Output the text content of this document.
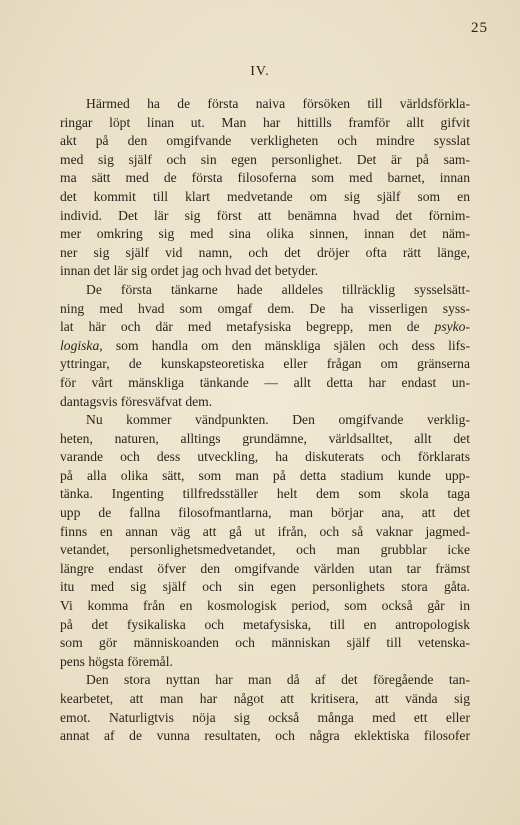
25
IV.
Härmed ha de första naiva försöken till världsförkla-
ringar löpt linan ut. Man har hittills framför allt gifvit
akt på den omgifvande verkligheten och mindre sysslat
med sig själf och sin egen personlighet. Det är på sam-
ma sätt med de första filosoferna som med barnet, innan
det kommit till klart medvetande om sig själf som en
individ. Det lär sig först att benämna hvad det förnim-
mer omkring sig med sina olika sinnen, innan det näm-
ner sig själf vid namn, och det dröjer ofta rätt länge,
innan det lär sig ordet jag och hvad det betyder.
De första tänkarne hade alldeles tillräcklig sysselsätt-
ning med hvad som omgaf dem. De ha visserligen syss-
lat här och där med metafysiska begrepp, men de psyko-
logiska, som handla om den mänskliga själen och dess lifs-
yttringar, de kunskapsteoretiska eller frågan om gränserna
för vårt mänskliga tänkande — allt detta har endast un-
dantagsvis föresväfvat dem.
Nu kommer vändpunkten. Den omgifvande verklig-
heten, naturen, alltings grundämne, världsalltet, allt det
varande och dess utveckling, ha diskuterats och förklarats
på alla olika sätt, som man på detta stadium kunde upp-
tänka. Ingenting tillfredsställer helt dem som skola taga
upp de fallna filosofmantlarna, man börjar ana, att det
finns en annan väg att gå ut ifrån, och så vaknar jagmed-
vetandet, personlighetsmedvetandet, och man grubblar icke
längre endast öfver den omgifvande världen utan tar främst
itu med sig själf och sin egen personlighets stora gåta.
Vi komma från en kosmologisk period, som också går in
på det fysikaliska och metafysiska, till en antropologisk
som gör människoanden och människan själf till vetenska-
pens högsta föremål.
Den stora nyttan har man då af det föregående tan-
kearbetet, att man har något att kritisera, att vända sig
emot. Naturligtvis nöja sig också många med ett eller
annat af de vunna resultaten, och några eklektiska filosofer
